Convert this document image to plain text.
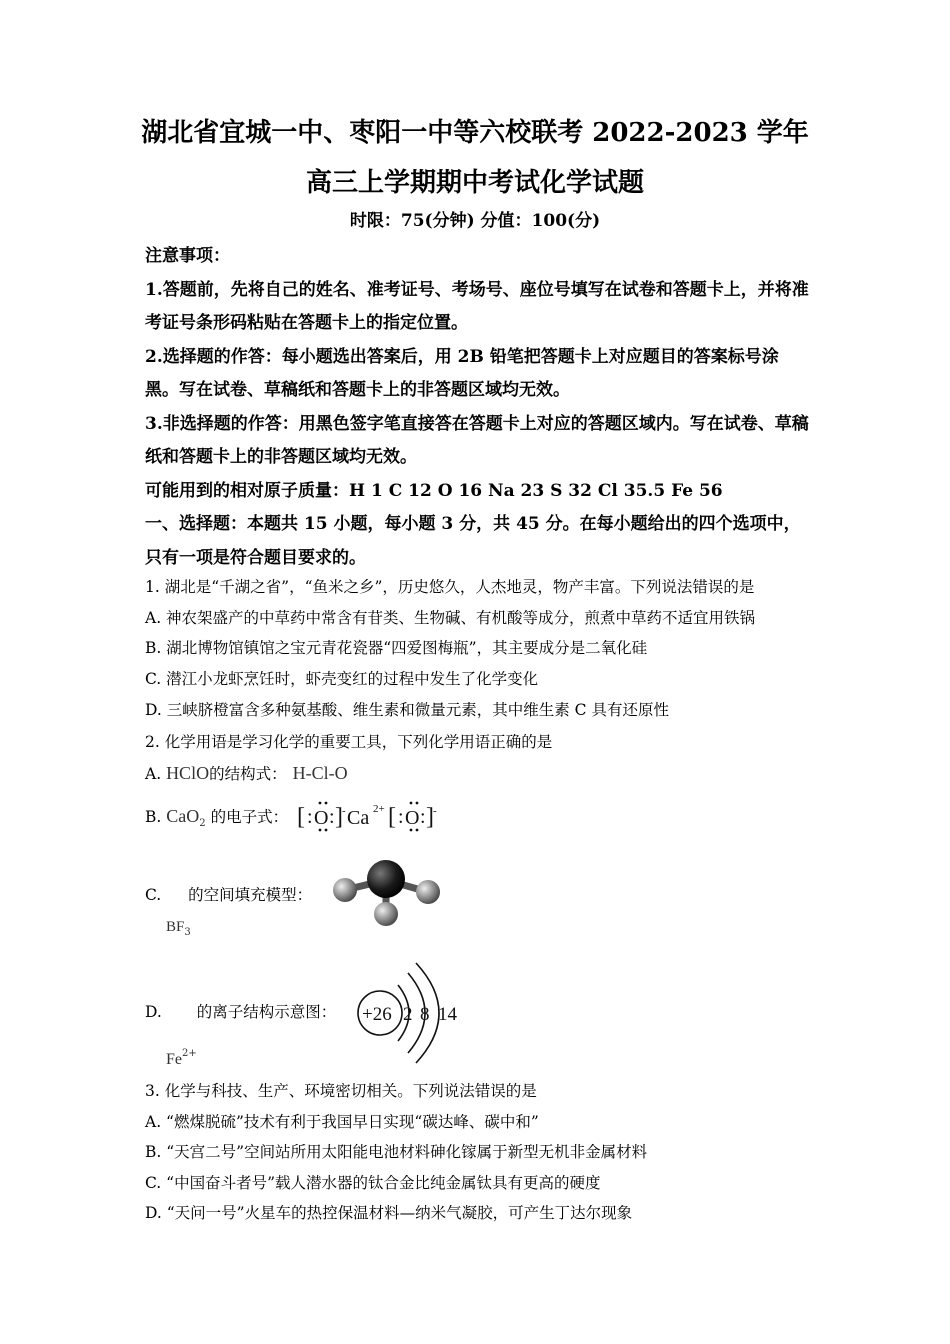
湖北省宜城一中、枣阳一中等六校联考 2022-2023 学年
高三上学期期中考试化学试题
时限：75(分钟) 分值：100(分)

注意事项：

1.答题前，先将自己的姓名、准考证号、考场号、座位号填写在试卷和答题卡上，并将准考证号条形码粘贴在答题卡上的指定位置。

2.选择题的作答：每小题选出答案后，用 2B 铅笔把答题卡上对应题目的答案标号涂黑。写在试卷、草稿纸和答题卡上的非答题区域均无效。

3.非选择题的作答：用黑色签字笔直接答在答题卡上对应的答题区域内。写在试卷、草稿纸和答题卡上的非答题区域均无效。

可能用到的相对原子质量：H 1 C 12 O 16 Na 23 S 32 Cl 35.5 Fe 56

一、选择题：本题共 15 小题，每小题 3 分，共 45 分。在每小题给出的四个选项中，只有一项是符合题目要求的。

1. 湖北是“千湖之省”，“鱼米之乡”，历史悠久，人杰地灵，物产丰富。下列说法错误的是
A. 神农架盛产的中草药中常含有苷类、生物碱、有机酸等成分，煎煮中草药不适宜用铁锅
B. 湖北博物馆镇馆之宝元青花瓷器“四爱图梅瓶”，其主要成分是二氧化硅
C. 潜江小龙虾烹饪时，虾壳变红的过程中发生了化学变化
D. 三峡脐橙富含多种氨基酸、维生素和微量元素，其中维生素 C 具有还原性
2. 化学用语是学习化学的重要工具，下列化学用语正确的是
A. HClO的结构式： H-Cl-O
B. CaO$_2$ 的电子式： [ : O : ] - Ca 2+ [ : O : ] -
C. 的空间填充模型：
$BF_3$
D. 的离子结构示意图：
$Fe^{2+}$
+26 2 8 14
3. 化学与科技、生产、环境密切相关。下列说法错误的是
A. “燃煤脱硫”技术有利于我国早日实现“碳达峰、碳中和”
B. “天宫二号”空间站所用太阳能电池材料砷化镓属于新型无机非金属材料
C. “中国奋斗者号”载人潜水器的钛合金比纯金属钛具有更高的硬度
D. “天问一号”火星车的热控保温材料—纳米气凝胶，可产生丁达尔现象
